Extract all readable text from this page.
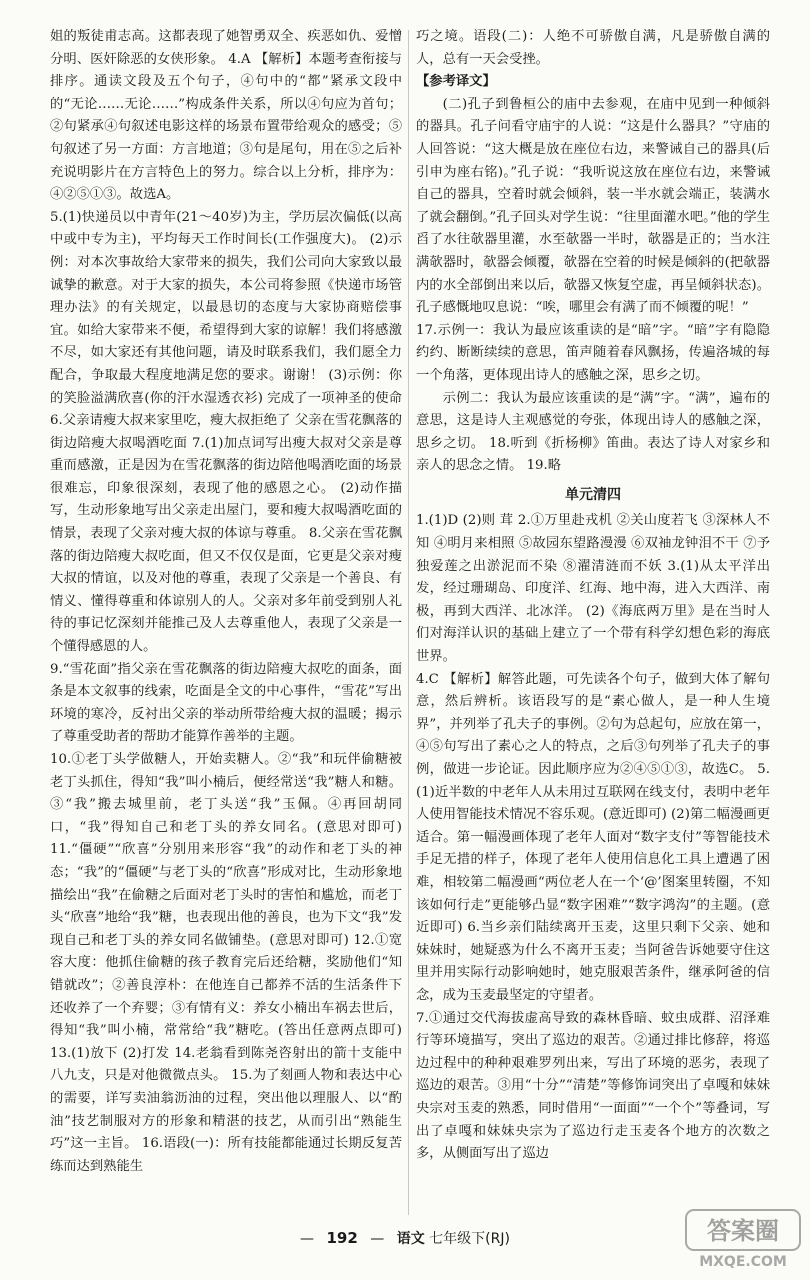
姐的叛徒甫志高。这都表现了她智勇双全、疾恶如仇、爱憎分明、医奸除恶的女侠形象。 4.A 【解析】本题考查衔接与排序。通读文段及五个句子，④句中的“都”紧承文段中的“无论……无论……”构成条件关系，所以④句应为首句；②句紧承④句叙述电影这样的场景布置带给观众的感受；⑤句叙述了另一方面：方言地道；③句是尾句，用在⑤之后补充说明影片在方言特色上的努力。综合以上分析，排序为：④②⑤①③。故选A。

5.(1)快递员以中青年(21～40岁)为主，学历层次偏低(以高中或中专为主)，平均每天工作时间长(工作强度大)。 (2)示例：对本次事故给大家带来的损失，我们公司向大家致以最诚挚的歉意。对于大家的损失，本公司将参照《快递市场管理办法》的有关规定，以最恳切的态度与大家协商赔偿事宜。如给大家带来不便，希望得到大家的谅解！我们将感激不尽，如大家还有其他问题，请及时联系我们，我们愿全力配合，争取最大程度地满足您的要求。谢谢！ (3)示例：你的笑脸溢满欣喜(你的汗水湿透衣衫) 完成了一项神圣的使命 6.父亲请瘦大叔来家里吃，瘦大叔拒绝了 父亲在雪花飘落的街边陪瘦大叔喝酒吃面 7.(1)加点词写出瘦大叔对父亲是尊重而感激，正是因为在雪花飘落的街边陪他喝酒吃面的场景很难忘，印象很深刻，表现了他的感恩之心。 (2)动作描写，生动形象地写出父亲走出屋门，要和瘦大叔喝酒吃面的情景，表现了父亲对瘦大叔的体谅与尊重。 8.父亲在雪花飘落的街边陪瘦大叔吃面，但又不仅仅是面，它更是父亲对瘦大叔的情谊，以及对他的尊重，表现了父亲是一个善良、有情义、懂得尊重和体谅别人的人。父亲对多年前受到别人礼待的事记忆深刻并能推己及人去尊重他人，表现了父亲是一个懂得感恩的人。

9.“雪花面”指父亲在雪花飘落的街边陪瘦大叔吃的面条，面条是本文叙事的线索，吃面是全文的中心事件，“雪花”写出环境的寒冷，反衬出父亲的举动所带给瘦大叔的温暖；揭示了尊重受助者的帮助才能算作善举的主题。

10.①老丁头学做糖人，开始卖糖人。②“我”和玩伴偷糖被老丁头抓住，得知“我”叫小楠后，便经常送“我”糖人和糖。③“我”搬去城里前，老丁头送“我”玉佩。④再回胡同口，“我”得知自己和老丁头的养女同名。(意思对即可) 11.“僵硬”“欣喜”分别用来形容“我”的动作和老丁头的神态；“我”的“僵硬”与老丁头的“欣喜”形成对比，生动形象地描绘出“我”在偷糖之后面对老丁头时的害怕和尴尬，而老丁头“欣喜”地给“我”糖，也表现出他的善良，也为下文“我”发现自己和老丁头的养女同名做铺垫。(意思对即可) 12.①宽容大度：他抓住偷糖的孩子教育完后还给糖，奖励他们“知错就改”；②善良淳朴：在他连自己都养不活的生活条件下还收养了一个弃婴；③有情有义：养女小楠出车祸去世后，得知“我”叫小楠，常常给“我”糖吃。(答出任意两点即可) 13.(1)放下 (2)打发 14.老翁看到陈尧咨射出的箭十支能中八九支，只是对他微微点头。 15.为了刻画人物和表达中心的需要，详写卖油翁沥油的过程，突出他以理服人、以“酌油”技艺制服对方的形象和精湛的技艺，从而引出“熟能生巧”这一主旨。 16.语段(一)：所有技能都能通过长期反复苦练而达到熟能生

巧之境。语段(二)：人绝不可骄傲自满，凡是骄傲自满的人，总有一天会受挫。

【参考译文】

(二)孔子到鲁桓公的庙中去参观，在庙中见到一种倾斜的器具。孔子问看守庙宇的人说：“这是什么器具？”守庙的人回答说：“这大概是放在座位右边，来警诫自己的器具(后引申为座右铭)。”孔子说：“我听说这放在座位右边，来警诫自己的器具，空着时就会倾斜，装一半水就会端正，装满水了就会翻倒。”孔子回头对学生说：“往里面灌水吧。”他的学生舀了水往欹器里灌，水至欹器一半时，欹器是正的；当水注满欹器时，欹器会倾覆，欹器在空着的时候是倾斜的(把欹器内的水全部倒出来以后，欹器又恢复空虚，再呈倾斜状态)。孔子感慨地叹息说：“唉，哪里会有满了而不倾覆的呢！”

17.示例一：我认为最应该重读的是“暗”字。“暗”字有隐隐约约、断断续续的意思，笛声随着春风飘扬，传遍洛城的每一个角落，更体现出诗人的感触之深，思乡之切。

示例二：我认为最应该重读的是“满”字。“满”，遍布的意思，这是诗人主观感觉的夸张，体现出诗人的感触之深，思乡之切。 18.听到《折杨柳》笛曲。表达了诗人对家乡和亲人的思念之情。 19.略

单元清四

1.(1)D (2)则 茸 2.①万里赴戎机 ②关山度若飞 ③深林人不知 ④明月来相照 ⑤故园东望路漫漫 ⑥双袖龙钟泪不干 ⑦予独爱莲之出淤泥而不染 ⑧濯清涟而不妖 3.(1)从太平洋出发，经过珊瑚岛、印度洋、红海、地中海，进入大西洋、南极，再到大西洋、北冰洋。 (2)《海底两万里》是在当时人们对海洋认识的基础上建立了一个带有科学幻想色彩的海底世界。

4.C 【解析】解答此题，可先读各个句子，做到大体了解句意，然后辨析。该语段写的是“素心做人，是一种人生境界”，并列举了孔夫子的事例。②句为总起句，应放在第一，④⑤句写出了素心之人的特点，之后③句列举了孔夫子的事例，做进一步论证。因此顺序应为②④⑤①③，故选C。 5.(1)近半数的中老年人从未用过互联网在线支付，表明中老年人使用智能技术情况不容乐观。(意近即可) (2)第二幅漫画更适合。第一幅漫画体现了老年人面对“数字支付”等智能技术手足无措的样子，体现了老年人使用信息化工具上遭遇了困难，相较第二幅漫画“两位老人在一个‘@’图案里转圈，不知该如何行走”更能够凸显“数字困难”“数字鸿沟”的主题。(意近即可) 6.当乡亲们陆续离开玉麦，这里只剩下父亲、她和妹妹时，她疑惑为什么不离开玉麦；当阿爸告诉她要守住这里并用实际行动影响她时，她克服艰苦条件，继承阿爸的信念，成为玉麦最坚定的守望者。

7.①通过交代海拔虚高导致的森林昏暗、蚊虫成群、沼泽难行等环境描写，突出了巡边的艰苦。②通过排比修辞，将巡边过程中的种种艰难罗列出来，写出了环境的恶劣，表现了巡边的艰苦。③用“十分”“清楚”等修饰词突出了卓嘎和妹妹央宗对玉麦的熟悉，同时借用“一面面”“一个个”等叠词，写出了卓嘎和妹妹央宗为了巡边行走玉麦各个地方的次数之多，从侧面写出了巡边

— 192 — 语文 七年级下(RJ)	答案圈
MXQE.COM
